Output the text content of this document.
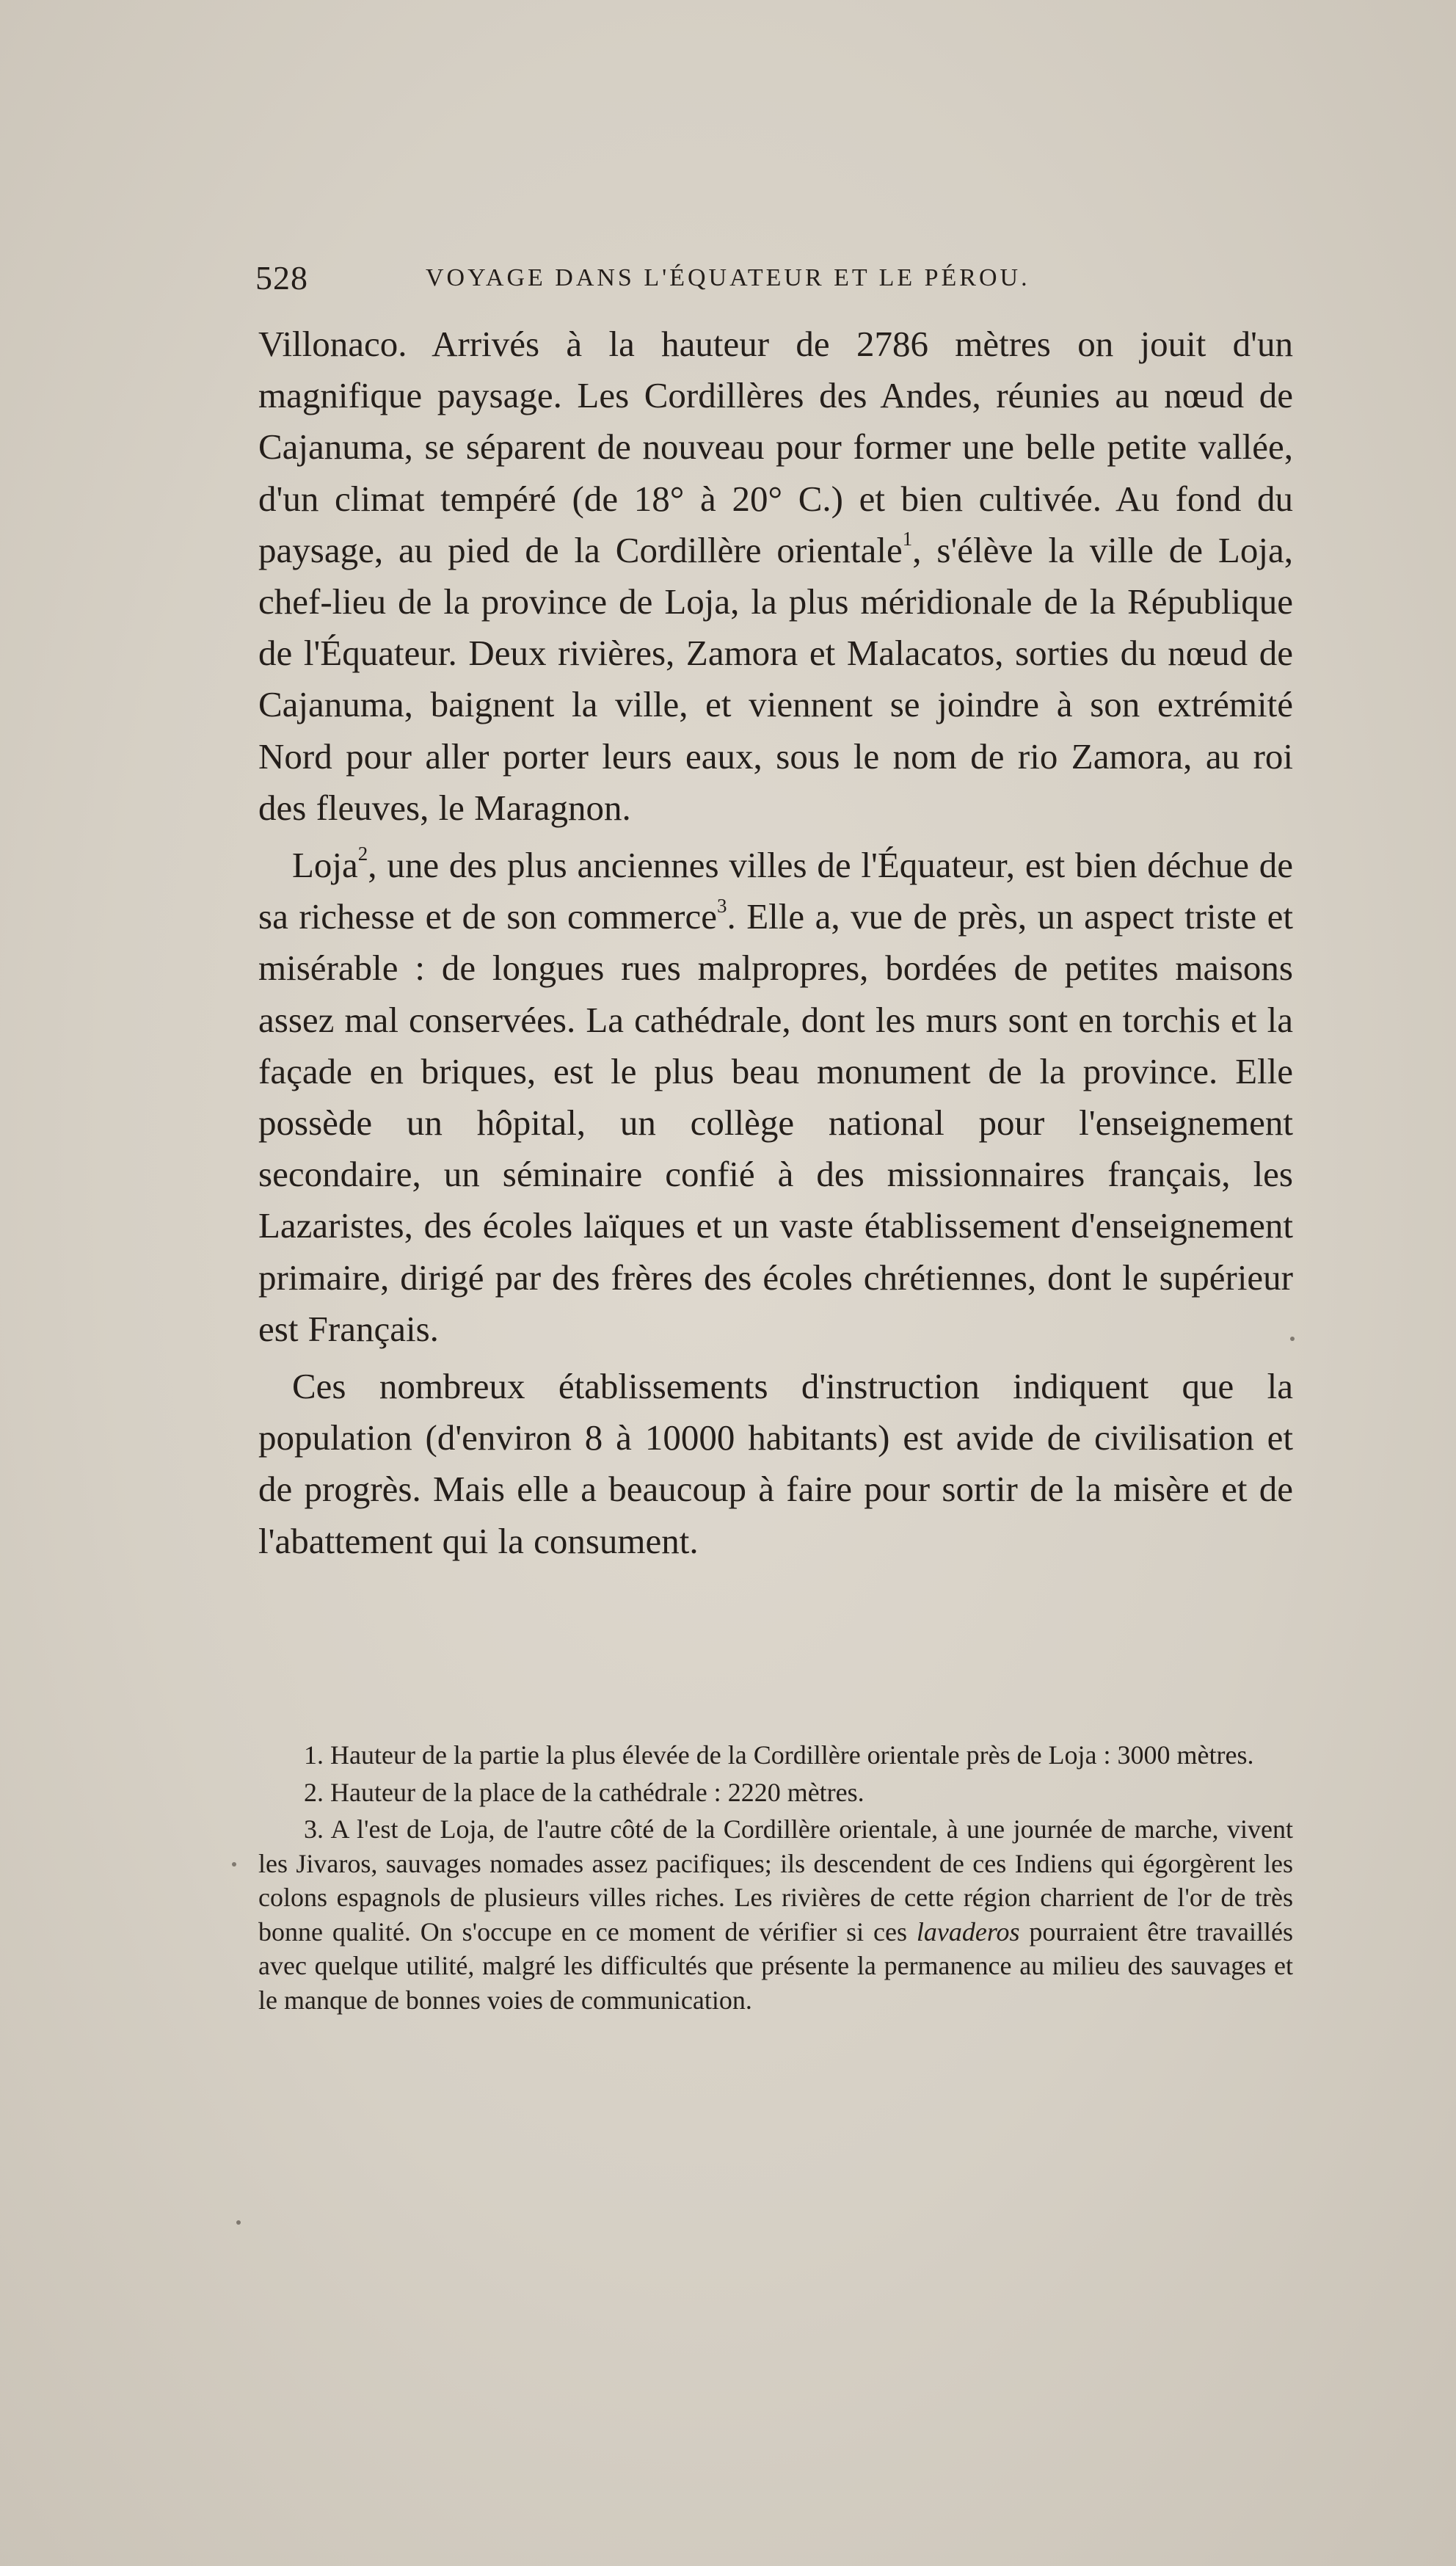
528	VOYAGE DANS L'ÉQUATEUR ET LE PÉROU.

Villonaco. Arrivés à la hauteur de 2786 mètres on jouit d'un magnifique paysage. Les Cordillères des Andes, réunies au nœud de Cajanuma, se séparent de nouveau pour former une belle petite vallée, d'un climat tempéré (de 18° à 20° C.) et bien cultivée. Au fond du paysage, au pied de la Cordillère orientale$^1$, s'élève la ville de Loja, chef-lieu de la province de Loja, la plus méridionale de la République de l'Équateur. Deux rivières, Zamora et Malacatos, sorties du nœud de Cajanuma, baignent la ville, et viennent se joindre à son extrémité Nord pour aller porter leurs eaux, sous le nom de rio Zamora, au roi des fleuves, le Maragnon.

Loja$^2$, une des plus anciennes villes de l'Équateur, est bien déchue de sa richesse et de son commerce$^3$. Elle a, vue de près, un aspect triste et misérable : de longues rues malpropres, bordées de petites maisons assez mal conservées. La cathédrale, dont les murs sont en torchis et la façade en briques, est le plus beau monument de la province. Elle possède un hôpital, un collège national pour l'enseignement secondaire, un séminaire confié à des missionnaires français, les Lazaristes, des écoles laïques et un vaste établissement d'enseignement primaire, dirigé par des frères des écoles chrétiennes, dont le supérieur est Français.

Ces nombreux établissements d'instruction indiquent que la population (d'environ 8 à 10000 habitants) est avide de civilisation et de progrès. Mais elle a beaucoup à faire pour sortir de la misère et de l'abattement qui la consument.

1. Hauteur de la partie la plus élevée de la Cordillère orientale près de Loja : 3000 mètres.

2. Hauteur de la place de la cathédrale : 2220 mètres.

3. A l'est de Loja, de l'autre côté de la Cordillère orientale, à une journée de marche, vivent les Jivaros, sauvages nomades assez pacifiques; ils descendent de ces Indiens qui égorgèrent les colons espagnols de plusieurs villes riches. Les rivières de cette région charrient de l'or de très bonne qualité. On s'occupe en ce moment de vérifier si ces lavaderos pourraient être travaillés avec quelque utilité, malgré les difficultés que présente la permanence au milieu des sauvages et le manque de bonnes voies de communication.
